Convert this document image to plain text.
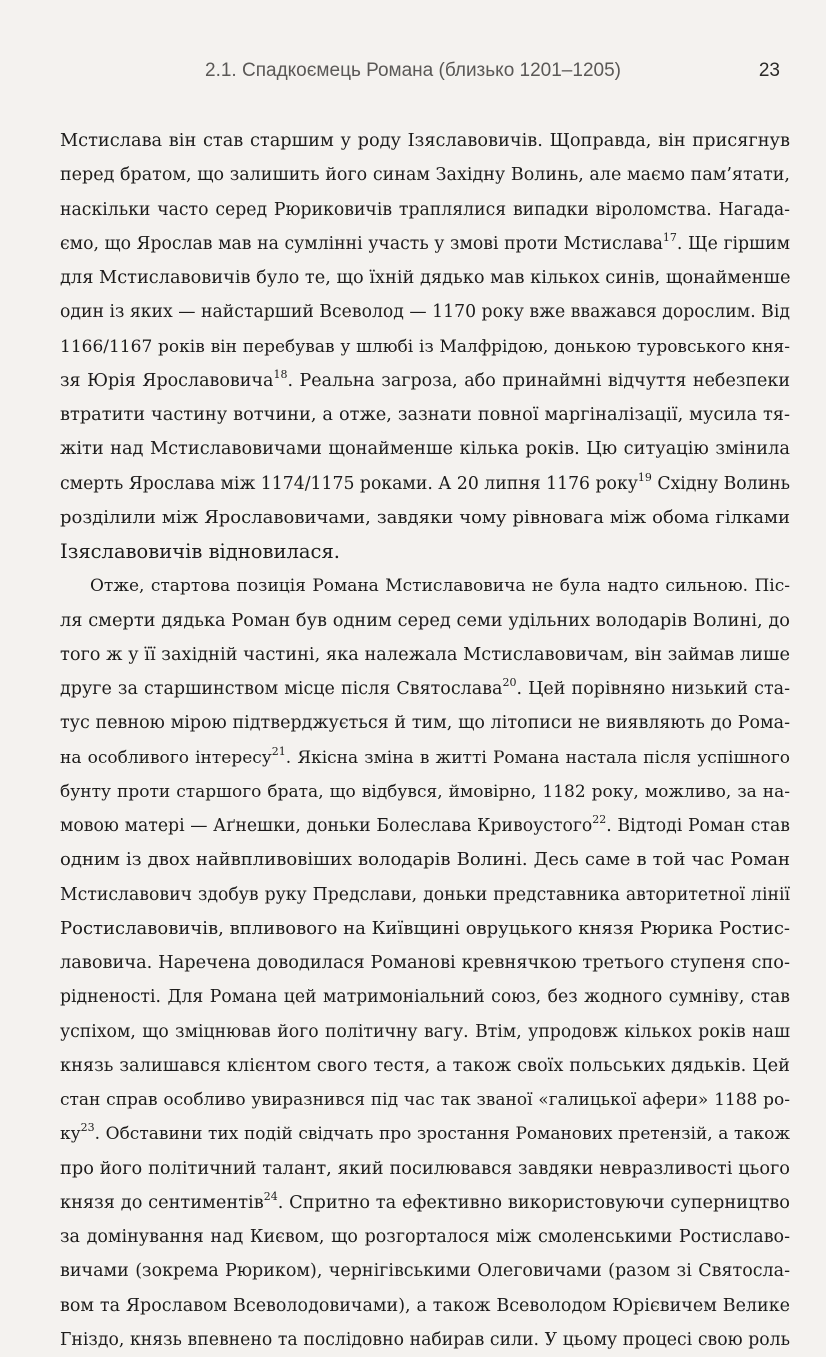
2.1. Спадкоємець Романа (близько 1201–1205)	23
Мстислава він став старшим у роду Ізяславовичів. Щоправда, він присягнув
перед братом, що залишить його синам Західну Волинь, але маємо пам’ятати,
наскільки часто серед Рюриковичів траплялися випадки віроломства. Нагада-
ємо, що Ярослав мав на сумлінні участь у змові проти Мстислава$^{17}$. Ще гіршим
для Мстиславовичів було те, що їхній дядько мав кількох синів, щонайменше
один із яких — найстарший Всеволод — 1170 року вже вважався дорослим. Від
1166/1167 років він перебував у шлюбі із Малфрідою, донькою туровського кня-
зя Юрія Ярославовича$^{18}$. Реальна загроза, або принаймні відчуття небезпеки
втратити частину вотчини, а отже, зазнати повної маргіналізації, мусила тя-
жіти над Мстиславовичами щонайменше кілька років. Цю ситуацію змінила
смерть Ярослава між 1174/1175 роками. А 20 липня 1176 року$^{19}$ Східну Волинь
розділили між Ярославовичами, завдяки чому рівновага між обома гілками
Ізяславовичів відновилася.
Отже, стартова позиція Романа Мстиславовича не була надто сильною. Піс-
ля смерти дядька Роман був одним серед семи удільних володарів Волині, до
того ж у її західній частині, яка належала Мстиславовичам, він займав лише
друге за старшинством місце після Святослава$^{20}$. Цей порівняно низький ста-
тус певною мірою підтверджується й тим, що літописи не виявляють до Рома-
на особливого інтересу$^{21}$. Якісна зміна в житті Романа настала після успішного
бунту проти старшого брата, що відбувся, ймовірно, 1182 року, можливо, за на-
мовою матері — Аґнешки, доньки Болеслава Кривоустого$^{22}$. Відтоді Роман став
одним із двох найвпливовіших володарів Волині. Десь саме в той час Роман
Мстиславович здобув руку Предслави, доньки представника авторитетної лінії
Ростиславовичів, впливового на Київщині овруцького князя Рюрика Ростис-
лавовича. Наречена доводилася Романові кревнячкою третього ступеня спо-
рідненості. Для Романа цей матримоніальний союз, без жодного сумніву, став
успіхом, що зміцнював його політичну вагу. Втім, упродовж кількох років наш
князь залишався клієнтом свого тестя, а також своїх польських дядьків. Цей
стан справ особливо увиразнився під час так званої «галицької афери» 1188 ро-
ку$^{23}$. Обставини тих подій свідчать про зростання Романових претензій, а також
про його політичний талант, який посилювався завдяки невразливості цього
князя до сентиментів$^{24}$. Спритно та ефективно використовуючи суперництво
за домінування над Києвом, що розгорталося між смоленськими Ростиславо-
вичами (зокрема Рюриком), чернігівськими Олеговичами (разом зі Святосла-
вом та Ярославом Всеволодовичами), а також Всеволодом Юрієвичем Велике
Гніздо, князь впевнено та послідовно набирав сили. У цьому процесі свою роль
